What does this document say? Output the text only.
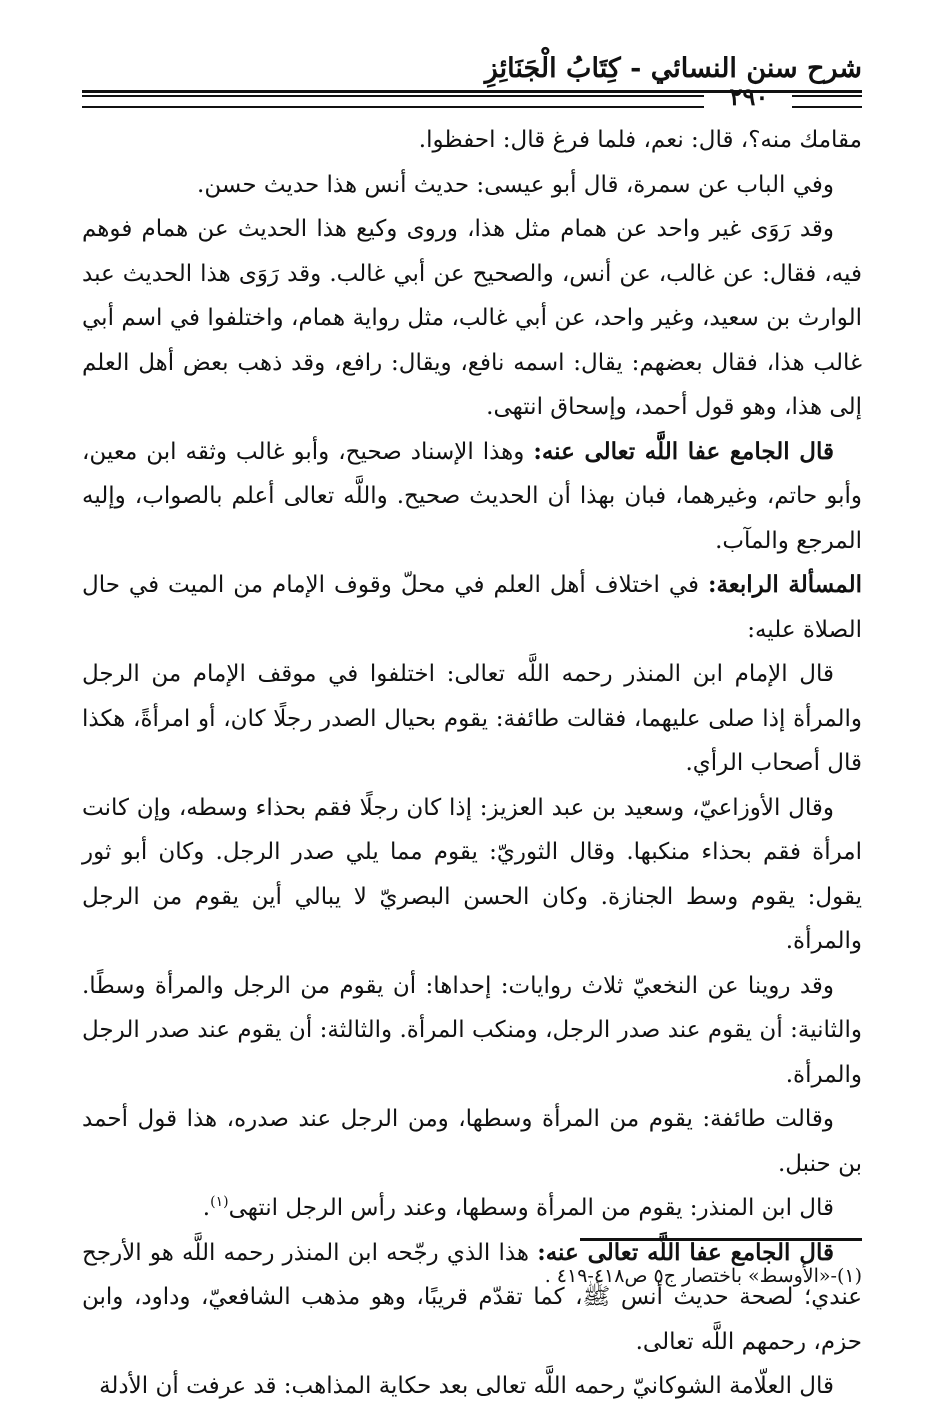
شرح سنن النسائي - كِتَابُ الْجَنَائِزِ
٢٩٠

مقامك منه؟، قال: نعم، فلما فرغ قال: احفظوا.

وفي الباب عن سمرة، قال أبو عيسى: حديث أنس هذا حديث حسن.

وقد رَوَى غير واحد عن همام مثل هذا، وروى وكيع هذا الحديث عن همام فوهم فيه، فقال: عن غالب، عن أنس، والصحيح عن أبي غالب. وقد رَوَى هذا الحديث عبد الوارث بن سعيد، وغير واحد، عن أبي غالب، مثل رواية همام، واختلفوا في اسم أبي غالب هذا، فقال بعضهم: يقال: اسمه نافع، ويقال: رافع، وقد ذهب بعض أهل العلم إلى هذا، وهو قول أحمد، وإسحاق انتهى.

قال الجامع عفا اللَّه تعالى عنه: وهذا الإسناد صحيح، وأبو غالب وثقه ابن معين، وأبو حاتم، وغيرهما، فبان بهذا أن الحديث صحيح. واللَّه تعالى أعلم بالصواب، وإليه المرجع والمآب.

المسألة الرابعة: في اختلاف أهل العلم في محلّ وقوف الإمام من الميت في حال الصلاة عليه:

قال الإمام ابن المنذر رحمه اللَّه تعالى: اختلفوا في موقف الإمام من الرجل والمرأة إذا صلى عليهما، فقالت طائفة: يقوم بحيال الصدر رجلًا كان، أو امرأةً، هكذا قال أصحاب الرأي.

وقال الأوزاعيّ، وسعيد بن عبد العزيز: إذا كان رجلًا فقم بحذاء وسطه، وإن كانت امرأة فقم بحذاء منكبها. وقال الثوريّ: يقوم مما يلي صدر الرجل. وكان أبو ثور يقول: يقوم وسط الجنازة. وكان الحسن البصريّ لا يبالي أين يقوم من الرجل والمرأة.

وقد روينا عن النخعيّ ثلاث روايات: إحداها: أن يقوم من الرجل والمرأة وسطًا. والثانية: أن يقوم عند صدر الرجل، ومنكب المرأة. والثالثة: أن يقوم عند صدر الرجل والمرأة.

وقالت طائفة: يقوم من المرأة وسطها، ومن الرجل عند صدره، هذا قول أحمد بن حنبل.

قال ابن المنذر: يقوم من المرأة وسطها، وعند رأس الرجل انتهى$^{(١)}$.

قال الجامع عفا اللَّه تعالى عنه: هذا الذي رجّحه ابن المنذر رحمه اللَّه هو الأرجح عندي؛ لصحة حديث أنس ﷺ، كما تقدّم قريبًا، وهو مذهب الشافعيّ، وداود، وابن حزم، رحمهم اللَّه تعالى.

قال العلّامة الشوكانيّ رحمه اللَّه تعالى بعد حكاية المذاهب: قد عرفت أن الأدلة

(١)-«الأوسط» باختصار ج٥ ص٤١٨-٤١٩ .
